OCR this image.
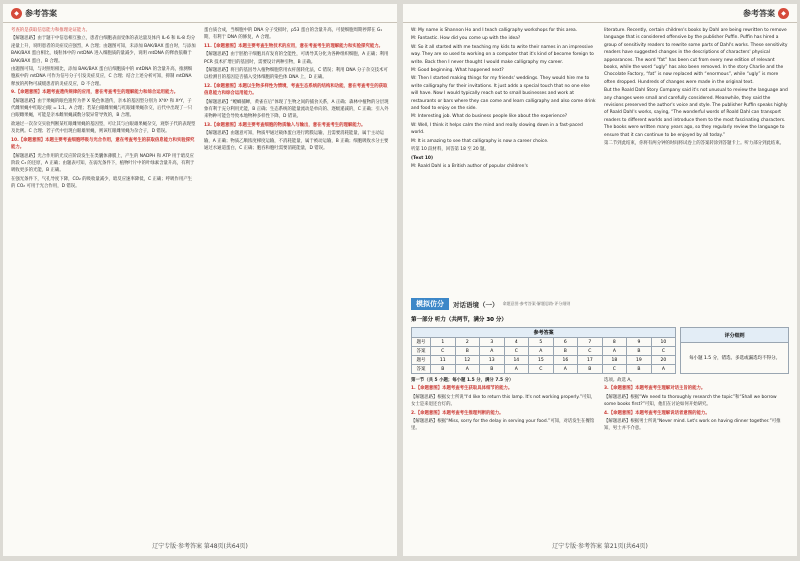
◆ 参考答案

考查的是获取信息能力和推理论证能力。

【解题思路】由于题干中信息相互独立，患者白细胞表面受体的表达量及体内 IL-6 和 IL-8 均分泌量上升，说明患者的炎症反应强烈，A 合理；由题图可知，未添加 BAK/BAX 蛋白时，与添加 BAK/BAX 蛋白相比，线粒体中的 mtDNA 进入细胞质的量减少，说明 mtDNA 的释放依赖于 BAK/BAX 蛋白，B 合理。

由题图可知，与对照组相比，添加 BAK/BAX 蛋白后细胞质中的 mtDNA 的含量升高，推测细胞质中的 mtDNA 可作为信号分子引发炎症反应，C 合理；结合上述分析可知，抑制 mtDNA 释放的药物可减缓患者的炎症反应，D 不合理。

9.【命题意图】本题考查遗传规律的应用，意在考查考生的理解能力和综合运用能力。

【解题思路】由于果蝇的眼色遗传为伴 X 染色体遗传，亲本的基因型分别为 XᴬXᵃ 和 XᵃY，子代雌果蝇中红眼∶白眼 = 1∶1。A 合理；若某白眼雌果蝇与红眼雄果蝇杂交，后代中出现了一只白眼雌果蝇，可能是亲本雌果蝇减数分裂异常导致的，B 合理。

欲通过一次杂交实验判断某红眼雌果蝇的基因型，可让其与白眼雄果蝇杂交，观察子代的表现型及比例。C 合理；若子代中出现白眼雄果蝇，则该红眼雌果蝇为杂合子，D 错误。

10.【命题意图】本题主要考查细胞呼吸与光合作用，意在考查考生的获取信息能力和实验探究能力。

【解题思路】光合作用的光反应阶段发生在类囊体薄膜上，产生的 NADPH 和 ATP 用于暗反应阶段 C₃ 的还原，A 正确；由题表可知，在弱光条件下，植物叶片中的叶绿素含量升高，有利于吸收更多的光能，B 正确。

在强光条件下，气孔导度下降，CO₂ 的吸收量减少，暗反应速率降低，C 正确；呼吸作用产生的 CO₂ 可用于光合作用，D 错误。

蛋白质合成，当细胞中的 DNA 分子受损时，p53 蛋白的含量升高，可使细胞周期停滞在 G₁ 期，有利于 DNA 的修复，A 合理。

11.【命题意图】本题主要考查生物技术的应用，意在考查考生的理解能力和实验探究能力。

【解题思路】由于胚胎干细胞具有发育的全能性，可诱导其分化为各种组织细胞，A 正确；利用 PCR 技术扩增目的基因时，需要设计两种引物，B 正确。

【解题思路】将目的基因导入植物细胞常用农杆菌转化法，C 错误；利用 DNA 分子杂交技术可以检测目的基因是否插入受体细胞的染色体 DNA 上，D 正确。

12.【命题意图】本题以生物多样性为情境，考查生态系统的结构和功能，意在考查考生的获取信息能力和综合运用能力。

【解题思路】“螳螂捕蝉，黄雀在后”体现了生物之间的捕食关系，A 正确；森林中植物的分层现象有利于充分利用光能，B 正确；生态系统的能量流动是单向的、逐级递减的，C 正确；引入外来物种可能会导致本地物种多样性下降，D 错误。

13.【命题意图】本题主要考查细胞的物质输入与输出，意在考查考生的理解能力。

【解题思路】由题意可知，物质甲通过载体蛋白进行跨膜运输，且需要消耗能量，属于主动运输，A 正确；物质乙顺浓度梯度运输，不消耗能量，属于被动运输，B 正确；细胞吸收水分主要通过水通道蛋白，C 正确；胞吞和胞吐需要消耗能量，D 错误。

辽宁专版·参考答案 第48页(共64页)
参考答案	◆

W: My name is Shannon Ho and I teach calligraphy workshops for this area.

M: Fantastic. How did you come up with the idea?

W: So it all started with me teaching my kids to write their names in an impressive way. They are so used to working on a computer that it's kind of become foreign to write. Back then I never thought I would make calligraphy my career.

M: Good beginning. What happened next?

W: Then I started making things for my friends' weddings. They would hire me to write calligraphy for their invitations. It just adds a special touch that no one else will have. Now I would typically reach out to small businesses and work at restaurants or bars where they can come and learn calligraphy and also come drink and food to enjoy on the side.

M: Interesting job. What do business people like about the experience?

W: Well, I think it helps calm the mind and really slowing down in a fast-paced world.

M: It is amazing to see that calligraphy is now a career choice.

听第 10 段材料，回答第 18 至 20 题。

(Text 10)

M: Roald Dahl is a British author of popular children's

literature. Recently, certain children's books by Dahl are being rewritten to remove language that is considered offensive by the publisher Puffin. Puffin has hired a group of sensitivity readers to rewrite some parts of Dahl's works. These sensitivity readers have suggested changes in the descriptions of characters' physical appearances. The word “fat” has been cut from every new edition of relevant books, while the word “ugly” has also been removed. In the story Charlie and the Chocolate Factory, “fat” is now replaced with “enormous”, while “ugly” is more often dropped. Hundreds of changes were made in the original text.

But the Roald Dahl Story Company said it's not unusual to review the language and any changes were small and carefully considered. Meanwhile, they said the revisions preserved the author's voice and style. The publisher Puffin speaks highly of Roald Dahl's works, saying, “The wonderful words of Roald Dahl can transport readers to different worlds and introduce them to the most fascinating characters. The books were written many years ago, so they regularly review the language to ensure that it can continue to be enjoyed by all today.”

第二节到此结束，你将有两分钟的时间将试卷上的答案转涂到答题卡上。听力部分到此结束。

模拟仿分	对话语境（一） 命题意图·参考答案·解题思路·评分细则
第一部分 听力（共两节，满分 30 分）
参考答案										
题号	1	2	3	4	5	6	7	8	9	10
答案	C	B	A	C	A	B	C	A	B	C
题号	11	12	13	14	15	16	17	18	19	20
答案	B	A	B	A	C	A	B	C	B	A
评分细则
每小题 1.5 分，错选、多选或漏选均不得分。

第一节（共 5 小题；每小题 1.5 分，满分 7.5 分）

1.【命题意图】本题考查考生获取具体细节的能力。

【解题思路】根据女士所说“I'd like to return this lamp. It's not working properly.”可知，女士是来退还台灯的。

2.【命题意图】本题考查考生推理判断的能力。

【解题思路】根据“Miss, sorry for the delay in serving your food.”可知，对话发生在餐馆里。

选项。故选 A。

3.【命题意图】本题考查考生理解对话主旨的能力。

【解题思路】根据“We need to thoroughly research the topic”和“Shall we borrow some books first?”可知，他们在讨论如何开始研究。

4.【命题意图】本题考查考生理解说话者意图的能力。

【解题思路】根据男士所说“Never mind. Let's work on having dinner together.”可推知，男士并不介意。

辽宁专版·参考答案 第21页(共64页)
